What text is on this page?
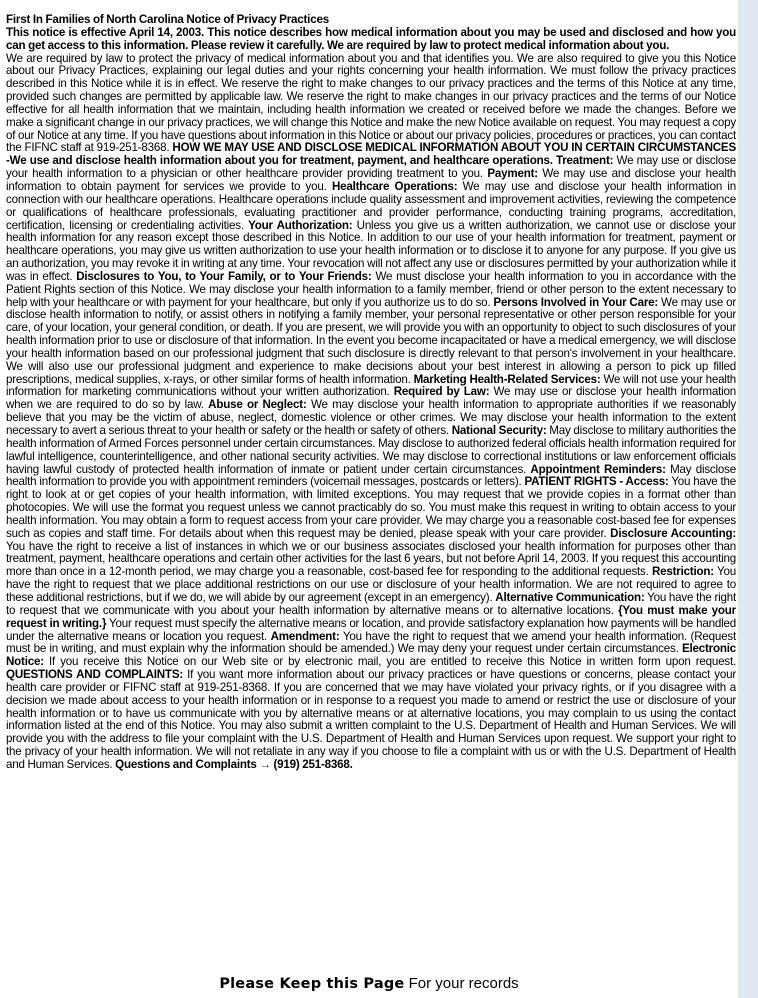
First In Families of North Carolina Notice of Privacy Practices
This notice is effective April 14, 2003. This notice describes how medical information about you may be used and disclosed and how you can get access to this information. Please review it carefully. We are required by law to protect medical information about you.
We are required by law to protect the privacy of medical information about you and that identifies you. We are also required to give you this Notice about our Privacy Practices, explaining our legal duties and your rights concerning your health information. We must follow the privacy practices described in this Notice while it is in effect. We reserve the right to make changes to our privacy practices and the terms of this Notice at any time, provided such changes are permitted by applicable law. We reserve the right to make changes in our privacy practices and the terms of our Notice effective for all health information that we maintain, including health information we created or received before we made the changes. Before we make a significant change in our privacy practices, we will change this Notice and make the new Notice available on request. You may request a copy of our Notice at any time. If you have questions about information in this Notice or about our privacy policies, procedures or practices, you can contact the FIFNC staff at 919-251-8368. HOW WE MAY USE AND DISCLOSE MEDICAL INFORMATION ABOUT YOU IN CERTAIN CIRCUMSTANCES -We use and disclose health information about you for treatment, payment, and healthcare operations. Treatment: We may use or disclose your health information to a physician or other healthcare provider providing treatment to you. Payment: We may use and disclose your health information to obtain payment for services we provide to you. Healthcare Operations: We may use and disclose your health information in connection with our healthcare operations. Healthcare operations include quality assessment and improvement activities, reviewing the competence or qualifications of healthcare professionals, evaluating practitioner and provider performance, conducting training programs, accreditation, certification, licensing or credentialing activities. Your Authorization: Unless you give us a written authorization, we cannot use or disclose your health information for any reason except those described in this Notice. In addition to our use of your health information for treatment, payment or healthcare operations, you may give us written authorization to use your health information or to disclose it to anyone for any purpose. If you give us an authorization, you may revoke it in writing at any time. Your revocation will not affect any use or disclosures permitted by your authorization while it was in effect. Disclosures to You, to Your Family, or to Your Friends: We must disclose your health information to you in accordance with the Patient Rights section of this Notice. We may disclose your health information to a family member, friend or other person to the extent necessary to help with your healthcare or with payment for your healthcare, but only if you authorize us to do so. Persons Involved in Your Care: We may use or disclose health information to notify, or assist others in notifying a family member, your personal representative or other person responsible for your care, of your location, your general condition, or death. If you are present, we will provide you with an opportunity to object to such disclosures of your health information prior to use or disclosure of that information. In the event you become incapacitated or have a medical emergency, we will disclose your health information based on our professional judgment that such disclosure is directly relevant to that person's involvement in your healthcare. We will also use our professional judgment and experience to make decisions about your best interest in allowing a person to pick up filled prescriptions, medical supplies, x-rays, or other similar forms of health information. Marketing Health-Related Services: We will not use your health information for marketing communications without your written authorization. Required by Law: We may use or disclose your health information when we are required to do so by law. Abuse or Neglect: We may disclose your health information to appropriate authorities if we reasonably believe that you may be the victim of abuse, neglect, domestic violence or other crimes. We may disclose your health information to the extent necessary to avert a serious threat to your health or safety or the health or safety of others. National Security: May disclose to military authorities the health information of Armed Forces personnel under certain circumstances. May disclose to authorized federal officials health information required for lawful intelligence, counterintelligence, and other national security activities. We may disclose to correctional institutions or law enforcement officials having lawful custody of protected health information of inmate or patient under certain circumstances. Appointment Reminders: May disclose health information to provide you with appointment reminders (voicemail messages, postcards or letters). PATIENT RIGHTS - Access: You have the right to look at or get copies of your health information, with limited exceptions. You may request that we provide copies in a format other than photocopies. We will use the format you request unless we cannot practicably do so. You must make this request in writing to obtain access to your health information. You may obtain a form to request access from your care provider. We may charge you a reasonable cost-based fee for expenses such as copies and staff time. For details about when this request may be denied, please speak with your care provider. Disclosure Accounting: You have the right to receive a list of instances in which we or our business associates disclosed your health information for purposes other than treatment, payment, healthcare operations and certain other activities for the last 6 years, but not before April 14, 2003. If you request this accounting more than once in a 12-month period, we may charge you a reasonable, cost-based fee for responding to the additional requests. Restriction: You have the right to request that we place additional restrictions on our use or disclosure of your health information. We are not required to agree to these additional restrictions, but if we do, we will abide by our agreement (except in an emergency). Alternative Communication: You have the right to request that we communicate with you about your health information by alternative means or to alternative locations. {You must make your request in writing.} Your request must specify the alternative means or location, and provide satisfactory explanation how payments will be handled under the alternative means or location you request. Amendment: You have the right to request that we amend your health information. (Request must be in writing, and must explain why the information should be amended.) We may deny your request under certain circumstances. Electronic Notice: If you receive this Notice on our Web site or by electronic mail, you are entitled to receive this Notice in written form upon request. QUESTIONS AND COMPLAINTS: If you want more information about our privacy practices or have questions or concerns, please contact your health care provider or FIFNC staff at 919-251-8368. If you are concerned that we may have violated your privacy rights, or if you disagree with a decision we made about access to your health information or in response to a request you made to amend or restrict the use or disclosure of your health information or to have us communicate with you by alternative means or at alternative locations, you may complain to us using the contact information listed at the end of this Notice. You may also submit a written complaint to the U.S. Department of Health and Human Services. We will provide you with the address to file your complaint with the U.S. Department of Health and Human Services upon request. We support your right to the privacy of your health information. We will not retaliate in any way if you choose to file a complaint with us or with the U.S. Department of Health and Human Services. Questions and Complaints → (919) 251-8368.
Please Keep this Page For your records
